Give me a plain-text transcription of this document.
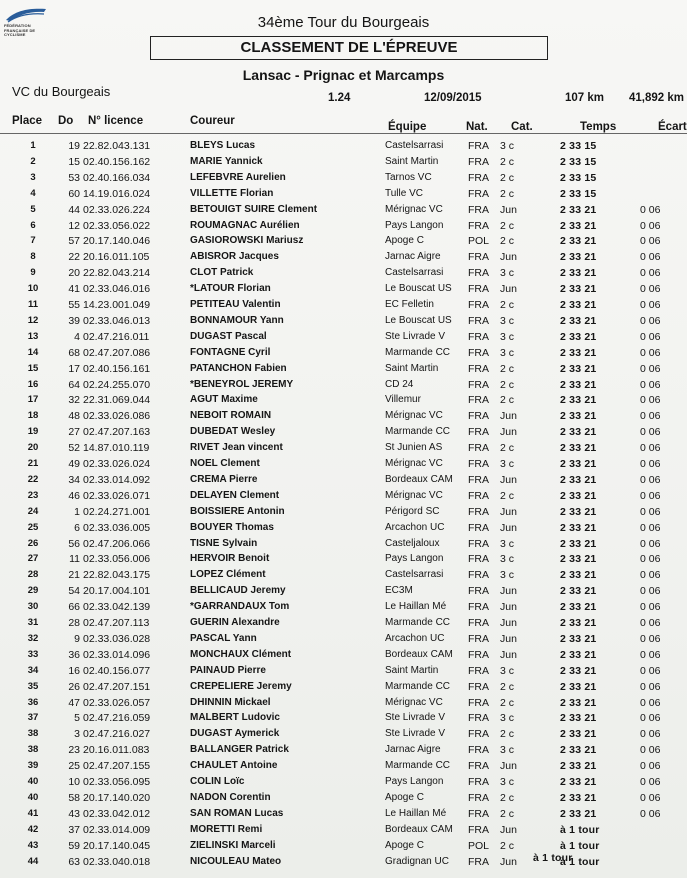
FÉDÉRATION
FRANÇAISE DE
CYCLISME
34ème Tour du Bourgeais
CLASSEMENT DE L'ÉPREUVE
Lansac - Prignac et Marcamps
VC du Bourgeais	1.24	12/09/2015	107 km 41,892 km
Place Do N° licence	Coureur	Équipe	Nat. Cat.	Temps	Écart
1	19 22.82.043.131	BLEYS Lucas	Castelsarrasi FRA 3 c	2 33 15
2	15 02.40.156.162	MARIE Yannick	Saint Martin	FRA 2 c	2 33 15
3	53 02.40.166.034	LEFEBVRE Aurelien	Tarnos VC	FRA 2 c	2 33 15
4	60 14.19.016.024	VILLETTE Florian	Tulle VC	FRA 2 c	2 33 15
5	44 02.33.026.224	BETOUIGT SUIRE Clement	Mérignac VC FRA Jun	2 33 21	0 06
6	12 02.33.056.022	ROUMAGNAC Aurélien	Pays Langon FRA 2 c	2 33 21	0 06
7	57 20.17.140.046	GASIOROWSKI Mariusz	Apoge C	POL 2 c	2 33 21	0 06
8	22 20.16.011.105	ABISROR Jacques	Jarnac Aigre	FRA Jun	2 33 21	0 06
9	20 22.82.043.214	CLOT Patrick	Castelsarrasi FRA 3 c	2 33 21	0 06
10	41 02.33.046.016	*LATOUR Florian	Le Bouscat US FRA Jun	2 33 21	0 06
11	55 14.23.001.049	PETITEAU Valentin	EC Felletin	FRA 2 c	2 33 21	0 06
12	39 02.33.046.013	BONNAMOUR Yann	Le Bouscat US FRA 3 c	2 33 21	0 06
13	4 02.47.216.011	DUGAST Pascal	Ste Livrade V FRA 3 c	2 33 21	0 06
14	68 02.47.207.086	FONTAGNE Cyril	Marmande CC FRA 3 c	2 33 21	0 06
15	17 02.40.156.161	PATANCHON Fabien	Saint Martin	FRA 2 c	2 33 21	0 06
16	64 02.24.255.070	*BENEYROL JEREMY	CD 24	FRA 2 c	2 33 21	0 06
17	32 22.31.069.044	AGUT Maxime	Villemur	FRA 2 c	2 33 21	0 06
18	48 02.33.026.086	NEBOIT ROMAIN	Mérignac VC FRA Jun	2 33 21	0 06
19	27 02.47.207.163	DUBEDAT Wesley	Marmande CC FRA Jun	2 33 21	0 06
20	52 14.87.010.119	RIVET Jean vincent	St Junien AS FRA 2 c	2 33 21	0 06
21	49 02.33.026.024	NOEL Clement	Mérignac VC FRA 3 c	2 33 21	0 06
22	34 02.33.014.092	CREMA Pierre	Bordeaux CAM FRA Jun	2 33 21	0 06
23	46 02.33.026.071	DELAYEN Clement	Mérignac VC FRA 2 c	2 33 21	0 06
24	1 02.24.271.001	BOISSIERE Antonin	Périgord SC	FRA Jun	2 33 21	0 06
25	6 02.33.036.005	BOUYER Thomas	Arcachon UC FRA Jun	2 33 21	0 06
26	56 02.47.206.066	TISNE Sylvain	Casteljaloux	FRA 3 c	2 33 21	0 06
27	11 02.33.056.006	HERVOIR Benoit	Pays Langon FRA 3 c	2 33 21	0 06
28	21 22.82.043.175	LOPEZ Clément	Castelsarrasi FRA 3 c	2 33 21	0 06
29	54 20.17.004.101	BELLICAUD Jeremy	EC3M	FRA Jun	2 33 21	0 06
30	66 02.33.042.139	*GARRANDAUX Tom	Le Haillan Mé FRA Jun	2 33 21	0 06
31	28 02.47.207.113	GUERIN Alexandre	Marmande CC FRA Jun	2 33 21	0 06
32	9 02.33.036.028	PASCAL Yann	Arcachon UC FRA Jun	2 33 21	0 06
33	36 02.33.014.096	MONCHAUX Clément	Bordeaux CAM FRA Jun	2 33 21	0 06
34	16 02.40.156.077	PAINAUD Pierre	Saint Martin	FRA 3 c	2 33 21	0 06
35	26 02.47.207.151	CREPELIERE Jeremy	Marmande CC FRA 2 c	2 33 21	0 06
36	47 02.33.026.057	DHINNIN Mickael	Mérignac VC FRA 2 c	2 33 21	0 06
37	5 02.47.216.059	MALBERT Ludovic	Ste Livrade V FRA 3 c	2 33 21	0 06
38	3 02.47.216.027	DUGAST Aymerick	Ste Livrade V FRA 2 c	2 33 21	0 06
38	23 20.16.011.083	BALLANGER Patrick	Jarnac Aigre	FRA 3 c	2 33 21	0 06
39	25 02.47.207.155	CHAULET Antoine	Marmande CC FRA Jun	2 33 21	0 06
40	10 02.33.056.095	COLIN Loïc	Pays Langon FRA 3 c	2 33 21	0 06
40	58 20.17.140.020	NADON Corentin	Apoge C	FRA 2 c	2 33 21	0 06
41	43 02.33.042.012	SAN ROMAN Lucas	Le Haillan Mé FRA 2 c	2 33 21	0 06
42	37 02.33.014.009	MORETTI Remi	Bordeaux CAM FRA Jun	à 1 tour
43	59 20.17.140.045	ZIELINSKI Marceli	Apoge C	POL 2 c	à 1 tour
44	63 02.33.040.018	NICOULEAU Mateo	Gradignan UC FRA Jun	à 1 tour
à 1 tour
